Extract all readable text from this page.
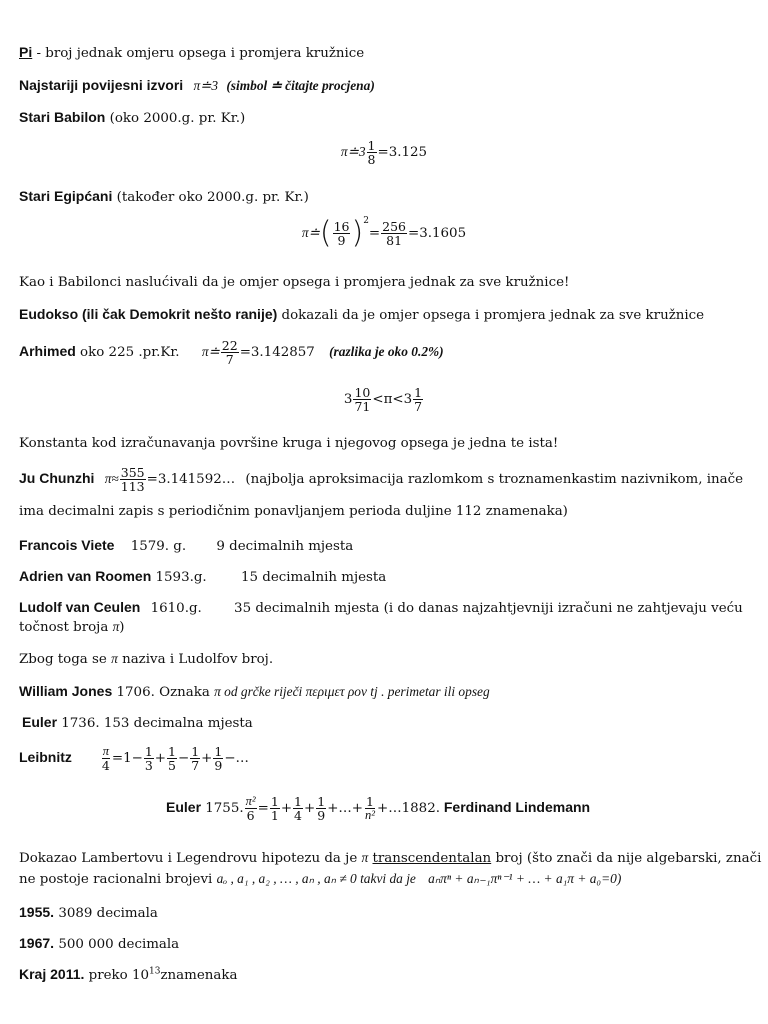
Pi - broj jednak omjeru opsega i promjera kružnice
Najstariji povijesni izvori π≐3 (simbol ≐ čitajte procjena)
Stari Babilon (oko 2000.g. pr. Kr.)
π≐3 $\frac{1}{8} =3.125$
Stari Egipćani (također oko 2000.g. pr. Kr.)
π≐( $\frac{16}{9} )^2= \frac{256}{81} =3.1605$
Kao i Babilonci naslućivali da je omjer opsega i promjera jednak za sve kružnice!
Eudokso (ili čak Demokrit nešto ranije) dokazali da je omjer opsega i promjera jednak za sve kružnice
Arhimed oko 225 .pr.Kr. π≐ $\frac{22}{7} =3.142857$ (razlika je oko 0.2%)
$3 \frac{10}{71} <\pi<3 \frac{1}{7}$
Konstanta kod izračunavanja površine kruga i njegovog opsega je jedna te ista!
Ju Chunzhi $\pi\approx \frac{355}{113}$ =3.141592… (najbolja aproksimacija razlomkom s troznamenkastim nazivnikom, inače
ima decimalni zapis s periodičnim ponavljanjem perioda duljine 112 znamenaka)
Francois Viete 1579. g. 9 decimalnih mjesta
Adrien van Roomen 1593.g.	15 decimalnih mjesta
Ludolf van Ceulen 1610.g. 35 decimalnih mjesta (i do danas najzahtjevniji izračuni ne zahtjevaju veću
točnost broja π)
Zbog toga se π naziva i Ludolfov broj.
William Jones 1706. Oznaka π od grčke riječi περιμετ ρον tj . perimetar ili opseg
Euler 1736. 153 decimalna mjesta
Leibnitz $\frac{\pi}{4} =1- \frac{1}{3} + \frac{1}{5} - \frac{1}{7} + \frac{1}{9}$ −…
Euler 1755. $\frac{\text{π²}}{6} = \frac{1}{1} + \frac{1}{4} + \frac{1}{9}$ +…+ $\frac{1}{\text{n²}}$ +…1882. Ferdinand Lindemann
Dokazao Lambertovu i Legendrovu hipotezu da je π transcendentalan broj (što znači da nije algebarski, znači
ne postoje racionalni brojevi aₒ , a₁ , a₂ , … , aₙ , aₙ ≠ 0 takvi da je aₙπⁿ + aₙ₋₁πⁿ⁻¹ + … + a₁π + a₀=0)
1955. 3089 decimala
1967. 500 000 decimala
Kraj 2011. preko $10^{13}znamenaka$
